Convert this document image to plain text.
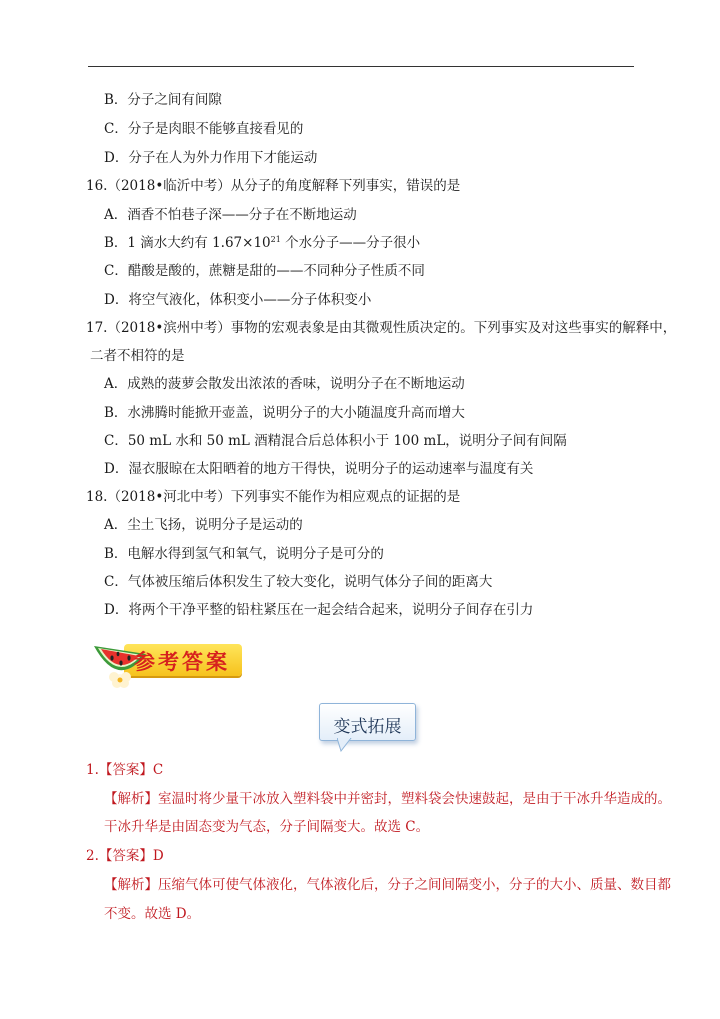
B．分子之间有间隙
C．分子是肉眼不能够直接看见的
D．分子在人为外力作用下才能运动
16.（2018•临沂中考）从分子的角度解释下列事实，错误的是
A．酒香不怕巷子深——分子在不断地运动
B．1 滴水大约有 $1.67\times 10^{21}$ 个水分子——分子很小
C．醋酸是酸的，蔗糖是甜的——不同种分子性质不同
D．将空气液化，体积变小——分子体积变小
17.（2018•滨州中考）事物的宏观表象是由其微观性质决定的。下列事实及对这些事实的解释中，
二者不相符的是
A．成熟的菠萝会散发出浓浓的香味，说明分子在不断地运动
B．水沸腾时能掀开壶盖，说明分子的大小随温度升高而增大
C．50 mL 水和 50 mL 酒精混合后总体积小于 100 mL，说明分子间有间隔
D．湿衣服晾在太阳晒着的地方干得快，说明分子的运动速率与温度有关
18.（2018•河北中考）下列事实不能作为相应观点的证据的是
A．尘土飞扬，说明分子是运动的
B．电解水得到氢气和氧气，说明分子是可分的
C．气体被压缩后体积发生了较大变化，说明气体分子间的距离大
D．将两个干净平整的铅柱紧压在一起会结合起来，说明分子间存在引力
参考答案
变式拓展
1.【答案】C
【解析】室温时将少量干冰放入塑料袋中并密封，塑料袋会快速鼓起，是由于干冰升华造成的。
干冰升华是由固态变为气态，分子间隔变大。故选 C。
2.【答案】D
【解析】压缩气体可使气体液化，气体液化后，分子之间间隔变小，分子的大小、质量、数目都
不变。故选 D。
